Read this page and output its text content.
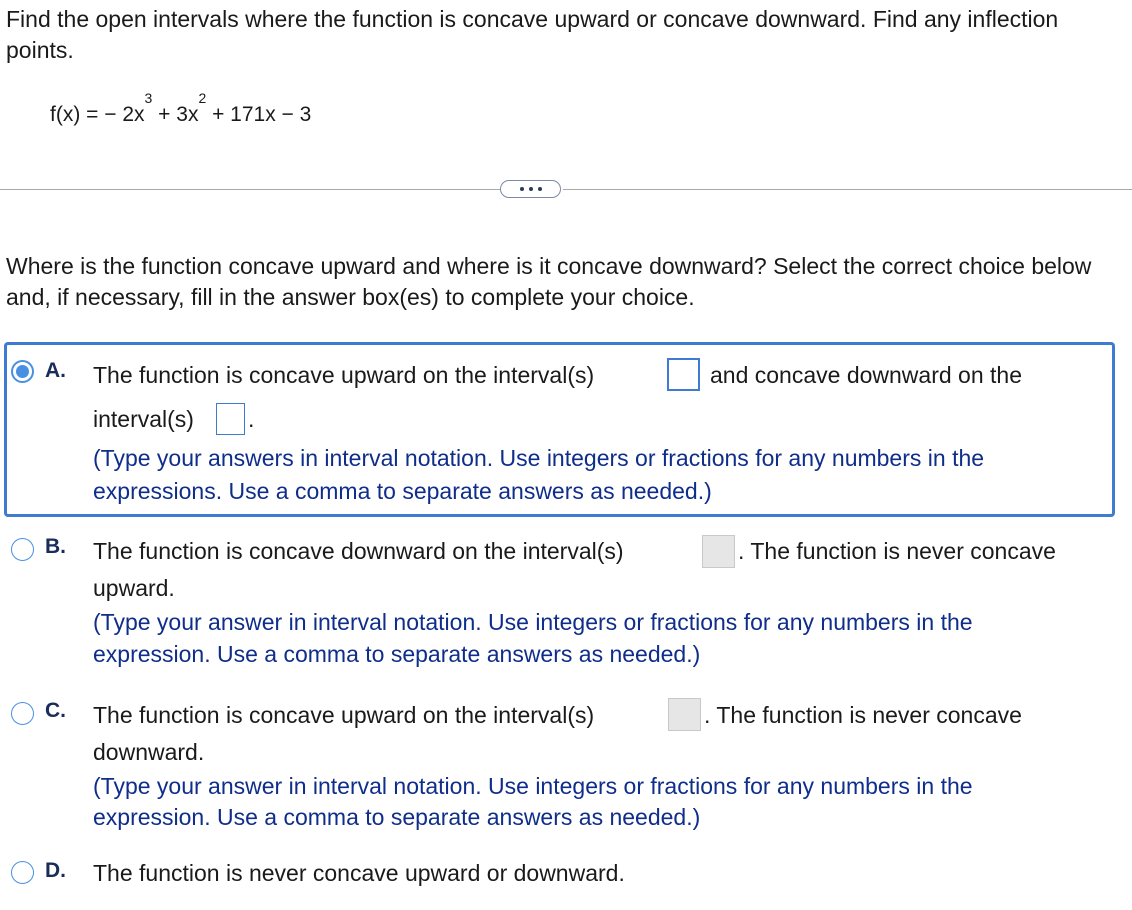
Find the open intervals where the function is concave upward or concave downward. Find any inflection points.
f(x) = − $2x^3 + 3x^2 + 171x - 3$
Where is the function concave upward and where is it concave downward? Select the correct choice below and, if necessary, fill in the answer box(es) to complete your choice.
A. The function is concave upward on the interval(s)	and concave downward on the
interval(s) .
(Type your answers in interval notation. Use integers or fractions for any numbers in the
expressions. Use a comma to separate answers as needed.)
B. The function is concave downward on the interval(s)	. The function is never concave
upward.
(Type your answer in interval notation. Use integers or fractions for any numbers in the
expression. Use a comma to separate answers as needed.)
C. The function is concave upward on the interval(s)	. The function is never concave
downward.
(Type your answer in interval notation. Use integers or fractions for any numbers in the
expression. Use a comma to separate answers as needed.)
D. The function is never concave upward or downward.
